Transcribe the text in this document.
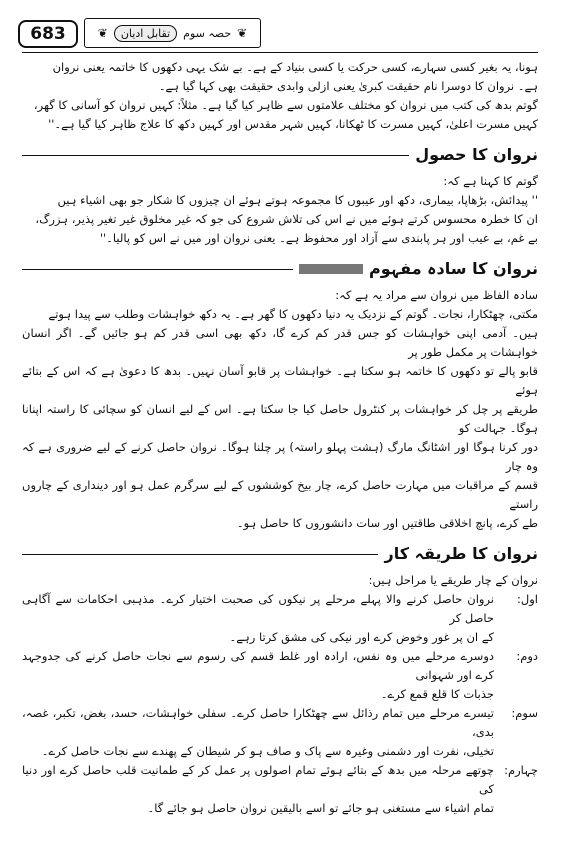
683	❦
حصہ سوم
تقابل ادیان
❦

ہونا، یہ بغیر کسی سہارے، کسی حرکت یا کسی بنیاد کے ہے۔ بے شک یہی دکھوں کا خاتمہ یعنی نروان

ہے۔ نروان کا دوسرا نام حقیقت کبریٰ یعنی ازلی وابدی حقیقت بھی کہا گیا ہے۔

گوتم بدھ کی کتب میں نروان کو مختلف علامتوں سے ظاہر کیا گیا ہے۔ مثلاً: کہیں نروان کو آسانی کا گھر،

کہیں مسرت اعلیٰ، کہیں مسرت کا ٹھکانا، کہیں شہر مقدس اور کہیں دکھ کا علاج ظاہر کیا گیا ہے۔''

نروان کا حصول

گوتم کا کہنا ہے کہ:

'' پیدائش، بڑھاپا، بیماری، دکھ اور عیبوں کا مجموعہ ہوتے ہوئے ان چیزوں کا شکار جو بھی اشیاء ہیں

ان کا خطرہ محسوس کرتے ہوئے میں نے اس کی تلاش شروع کی جو کہ غیر مخلوق غیر تغیر پذیر، ہزرگ،

بے غم، بے عیب اور ہر پابندی سے آزاد اور محفوظ ہے۔ یعنی نروان اور میں نے اس کو پالیا۔''

نروان کا سادہ مفہوم

سادہ الفاظ میں نروان سے مراد یہ ہے کہ:

مکتی، چھٹکارا، نجات۔ گوتم کے نزدیک یہ دنیا دکھوں کا گھر ہے۔ یہ دکھ خواہشات وطلب سے پیدا ہوتے

ہیں۔ آدمی اپنی خواہشات کو جس قدر کم کرے گا، دکھ بھی اسی قدر کم ہو جائیں گے۔ اگر انسان خواہشات پر مکمل طور پر

قابو پالے تو دکھوں کا خاتمہ ہو سکتا ہے۔ خواہشات پر قابو آسان نہیں۔ بدھ کا دعویٰ ہے کہ اس کے بتائے ہوئے

طریقے پر چل کر خواہشات پر کنٹرول حاصل کیا جا سکتا ہے۔ اس کے لیے انسان کو سچائی کا راستہ اپنانا ہوگا۔ جہالت کو

دور کرنا ہوگا اور اشٹانگ مارگ (ہشت پہلو راستہ) پر چلنا ہوگا۔ نروان حاصل کرنے کے لیے ضروری ہے کہ وہ چار

قسم کے مراقبات میں مہارت حاصل کرے، چار بیخ کوششوں کے لیے سرگرم عمل ہو اور دینداری کے چاروں راستے

طے کرے، پانچ اخلاقی طاقتیں اور سات دانشوروں کا حاصل ہو۔

نروان کا طریقہ کار

نروان کے چار طریقے یا مراحل ہیں:

اول:

نروان حاصل کرنے والا پہلے مرحلے پر نیکوں کی صحبت اختیار کرے۔ مذہبی احکامات سے آگاہی حاصل کر

کے ان پر غور وخوض کرے اور نیکی کی مشق کرتا رہے۔

دوم:

دوسرے مرحلے میں وہ نفس، ارادہ اور غلط قسم کی رسوم سے نجات حاصل کرنے کی جدوجہد کرے اور شہوانی

جذبات کا قلع قمع کرے۔

سوم:

تیسرے مرحلے میں تمام رذائل سے چھٹکارا حاصل کرے۔ سفلی خواہشات، حسد، بغض، تکبر، غصہ، بدی،

تخیلی، نفرت اور دشمنی وغیرہ سے پاک و صاف ہو کر شیطان کے پھندے سے نجات حاصل کرے۔

چہارم:

چوتھے مرحلہ میں بدھ کے بتائے ہوئے تمام اصولوں پر عمل کر کے طمانیت قلب حاصل کرے اور دنیا کی

تمام اشیاء سے مستغنی ہو جائے تو اسے بالیقین نروان حاصل ہو جائے گا۔
